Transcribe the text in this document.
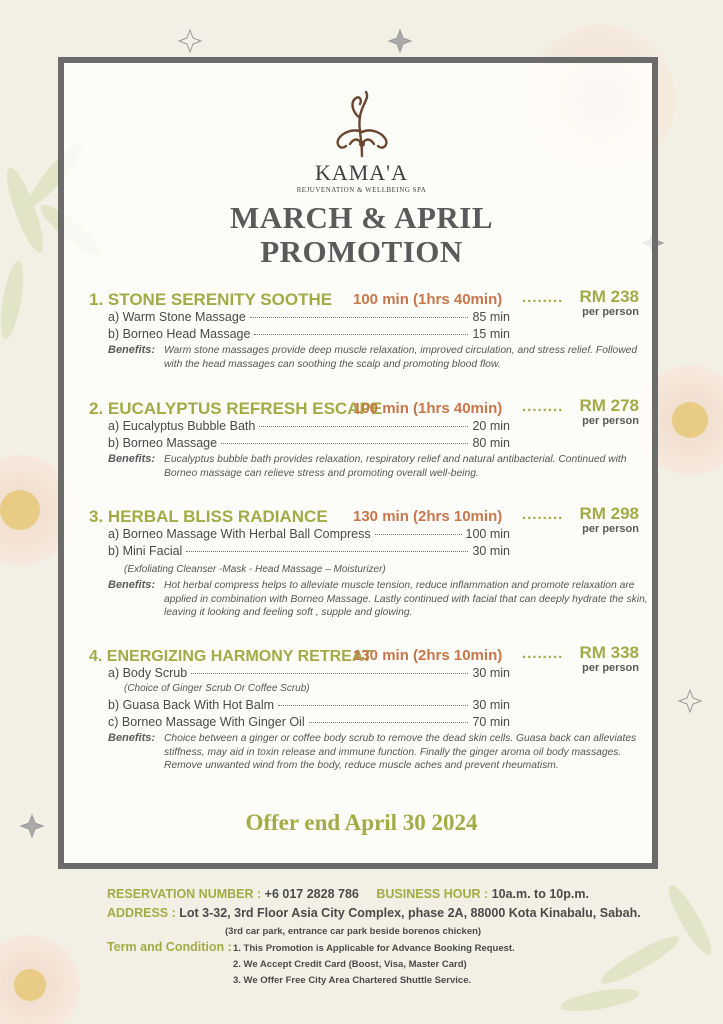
KAMA'A
REJUVENATION & WELLBEING SPA
MARCH & APRIL
PROMOTION
1. STONE SERENITY SOOTHE 100 min (1hrs 40min) ........ RM 238
per person
a) Warm Stone Massage	85 min
b) Borneo Head Massage	15 min
Benefits: Warm stone massages provide deep muscle relaxation, improved circulation, and stress relief. Followed with the head massages can soothing the scalp and promoting blood flow.
2. EUCALYPTUS REFRESH ESCAPE
100 min (1hrs 40min) ........ RM 278
per person
a) Eucalyptus Bubble Bath	20 min
b) Borneo Massage	80 min
Benefits: Eucalyptus bubble bath provides relaxation, respiratory relief and natural antibacterial. Continued with Borneo massage can relieve stress and promoting overall well-being.
3. HERBAL BLISS RADIANCE 130 min (2hrs 10min) ........ RM 298
per person
a) Borneo Massage With Herbal Ball Compress	100 min
b) Mini Facial	30 min
(Exfoliating Cleanser -Mask - Head Massage – Moisturizer)
Benefits: Hot herbal compress helps to alleviate muscle tension, reduce inflammation and promote relaxation are applied in combination with Borneo Massage. Lastly continued with facial that can deeply hydrate the skin, leaving it looking and feeling soft , supple and glowing.
4. ENERGIZING HARMONY RETREAT
130 min (2hrs 10min) ........ RM 338
per person
a) Body Scrub	30 min
(Choice of Ginger Scrub Or Coffee Scrub)
b) Guasa Back With Hot Balm	30 min
c) Borneo Massage With Ginger Oil	70 min
Benefits: Choice between a ginger or coffee body scrub to remove the dead skin cells. Guasa back can alleviates stiffness, may aid in toxin release and immune function. Finally the ginger aroma oil body massages. Remove unwanted wind from the body, reduce muscle aches and prevent rheumatism.
Offer end April 30 2024
RESERVATION NUMBER : +6 017 2828 786 BUSINESS HOUR : 10a.m. to 10p.m.
ADDRESS : Lot 3-32, 3rd Floor Asia City Complex, phase 2A, 88000 Kota Kinabalu, Sabah.
(3rd car park, entrance car park beside borenos chicken)
Term and Condition : 1. This Promotion is Applicable for Advance Booking Request.
2. We Accept Credit Card (Boost, Visa, Master Card)
3. We Offer Free City Area Chartered Shuttle Service.
